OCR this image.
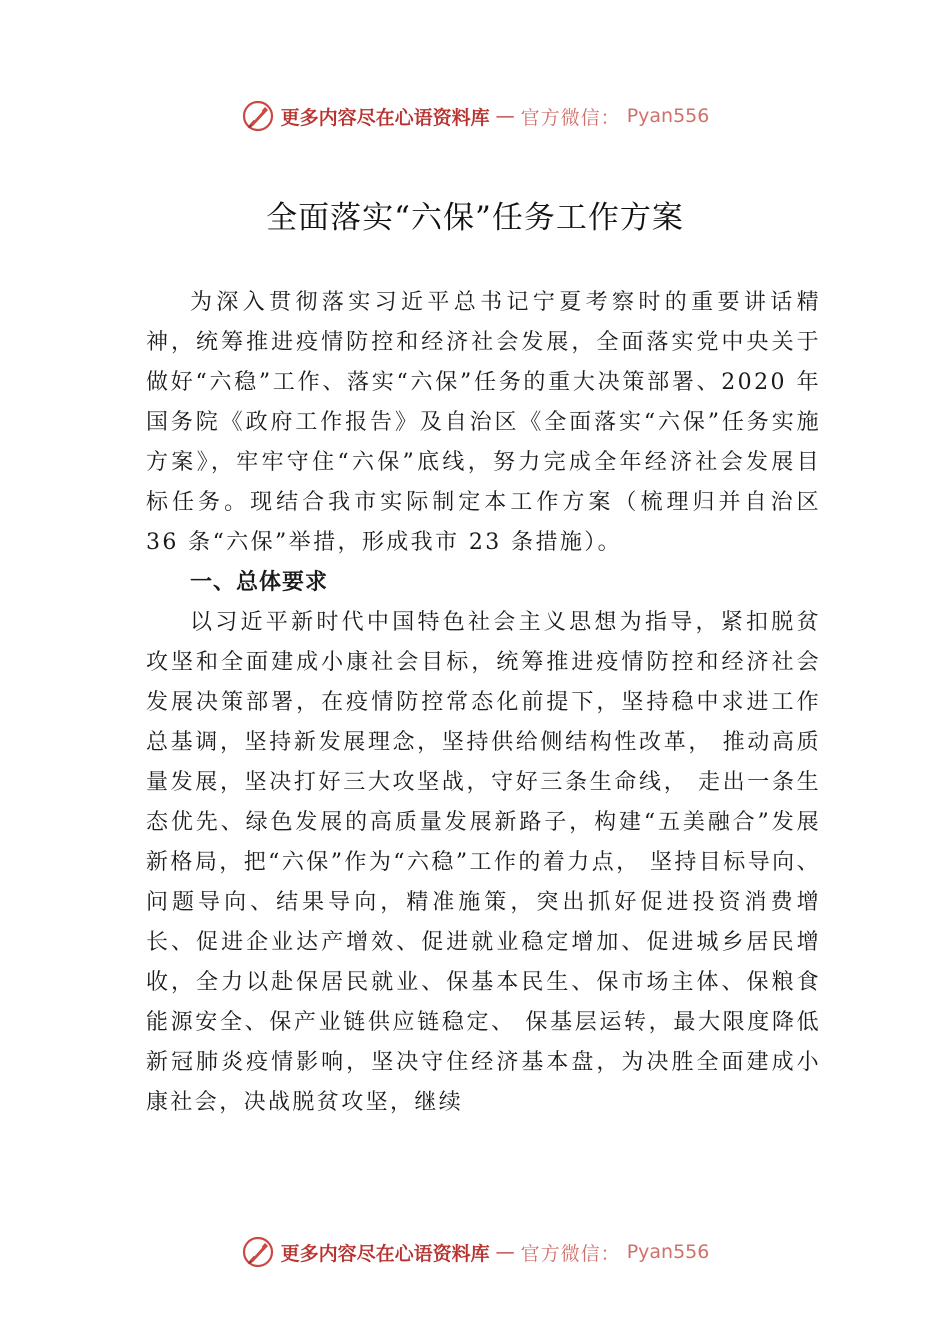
更多内容尽在心语资料库 — 官方微信： Pyan556
全面落实“六保”任务工作方案

为深入贯彻落实习近平总书记宁夏考察时的重要讲话精神，统筹推进疫情防控和经济社会发展，全面落实党中央关于做好“六稳”工作、落实“六保”任务的重大决策部署、2020 年国务院《政府工作报告》及自治区《全面落实“六保”任务实施方案》，牢牢守住“六保”底线，努力完成全年经济社会发展目标任务。现结合我市实际制定本工作方案（梳理归并自治区 36 条“六保”举措，形成我市 23 条措施）。

一、总体要求

以习近平新时代中国特色社会主义思想为指导，紧扣脱贫攻坚和全面建成小康社会目标，统筹推进疫情防控和经济社会发展决策部署，在疫情防控常态化前提下，坚持稳中求进工作总基调，坚持新发展理念，坚持供给侧结构性改革， 推动高质量发展，坚决打好三大攻坚战，守好三条生命线， 走出一条生态优先、绿色发展的高质量发展新路子，构建“五美融合”发展新格局，把“六保”作为“六稳”工作的着力点， 坚持目标导向、问题导向、结果导向，精准施策，突出抓好促进投资消费增长、促进企业达产增效、促进就业稳定增加、促进城乡居民增收，全力以赴保居民就业、保基本民生、保市场主体、保粮食能源安全、保产业链供应链稳定、 保基层运转，最大限度降低新冠肺炎疫情影响，坚决守住经济基本盘，为决胜全面建成小康社会，决战脱贫攻坚，继续

更多内容尽在心语资料库 — 官方微信： Pyan556
